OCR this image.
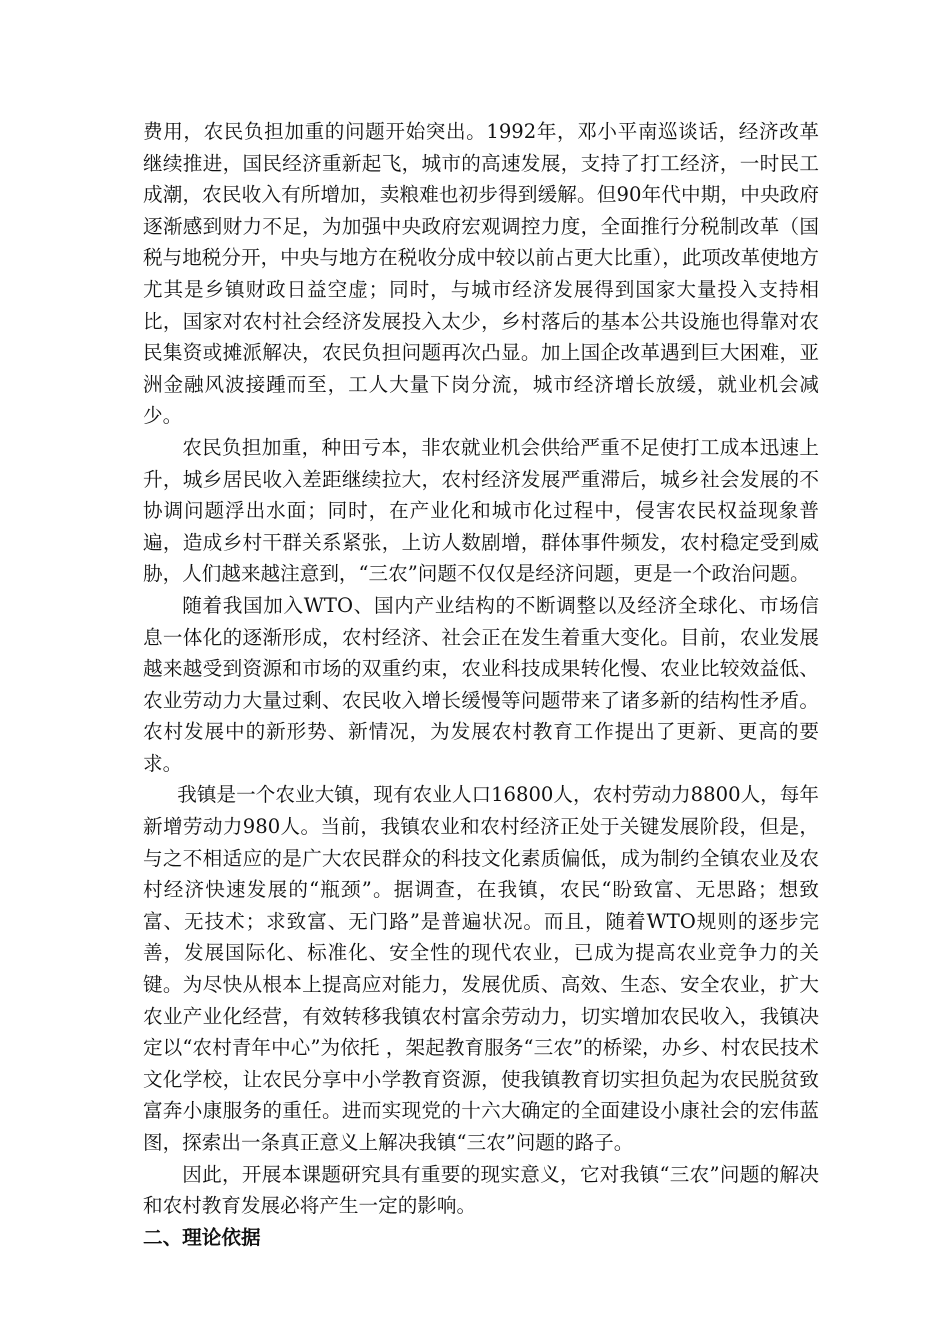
费用，农民负担加重的问题开始突出。1992年，邓小平南巡谈话，经济改革继续推进，国民经济重新起飞，城市的高速发展，支持了打工经济，一时民工成潮，农民收入有所增加，卖粮难也初步得到缓解。但90年代中期，中央政府逐渐感到财力不足，为加强中央政府宏观调控力度，全面推行分税制改革（国税与地税分开，中央与地方在税收分成中较以前占更大比重），此项改革使地方尤其是乡镇财政日益空虚；同时，与城市经济发展得到国家大量投入支持相比，国家对农村社会经济发展投入太少，乡村落后的基本公共设施也得靠对农民集资或摊派解决，农民负担问题再次凸显。加上国企改革遇到巨大困难，亚洲金融风波接踵而至，工人大量下岗分流，城市经济增长放缓，就业机会减少。

农民负担加重，种田亏本，非农就业机会供给严重不足使打工成本迅速上升，城乡居民收入差距继续拉大，农村经济发展严重滞后，城乡社会发展的不协调问题浮出水面；同时，在产业化和城市化过程中，侵害农民权益现象普遍，造成乡村干群关系紧张，上访人数剧增，群体事件频发，农村稳定受到威胁，人们越来越注意到，“三农”问题不仅仅是经济问题，更是一个政治问题。

随着我国加入WTO、国内产业结构的不断调整以及经济全球化、市场信息一体化的逐渐形成，农村经济、社会正在发生着重大变化。目前，农业发展越来越受到资源和市场的双重约束，农业科技成果转化慢、农业比较效益低、农业劳动力大量过剩、农民收入增长缓慢等问题带来了诸多新的结构性矛盾。农村发展中的新形势、新情况，为发展农村教育工作提出了更新、更高的要求。

我镇是一个农业大镇，现有农业人口16800人，农村劳动力8800人，每年新增劳动力980人。当前，我镇农业和农村经济正处于关键发展阶段，但是，与之不相适应的是广大农民群众的科技文化素质偏低，成为制约全镇农业及农村经济快速发展的“瓶颈”。据调查，在我镇，农民“盼致富、无思路；想致富、无技术；求致富、无门路”是普遍状况。而且，随着WTO规则的逐步完善，发展国际化、标准化、安全性的现代农业，已成为提高农业竞争力的关键。为尽快从根本上提高应对能力，发展优质、高效、生态、安全农业，扩大农业产业化经营，有效转移我镇农村富余劳动力，切实增加农民收入，我镇决定以“农村青年中心”为依托 ，架起教育服务“三农”的桥梁，办乡、村农民技术文化学校，让农民分享中小学教育资源，使我镇教育切实担负起为农民脱贫致富奔小康服务的重任。进而实现党的十六大确定的全面建设小康社会的宏伟蓝图，探索出一条真正意义上解决我镇“三农”问题的路子。

因此，开展本课题研究具有重要的现实意义，它对我镇“三农”问题的解决和农村教育发展必将产生一定的影响。

二、理论依据
